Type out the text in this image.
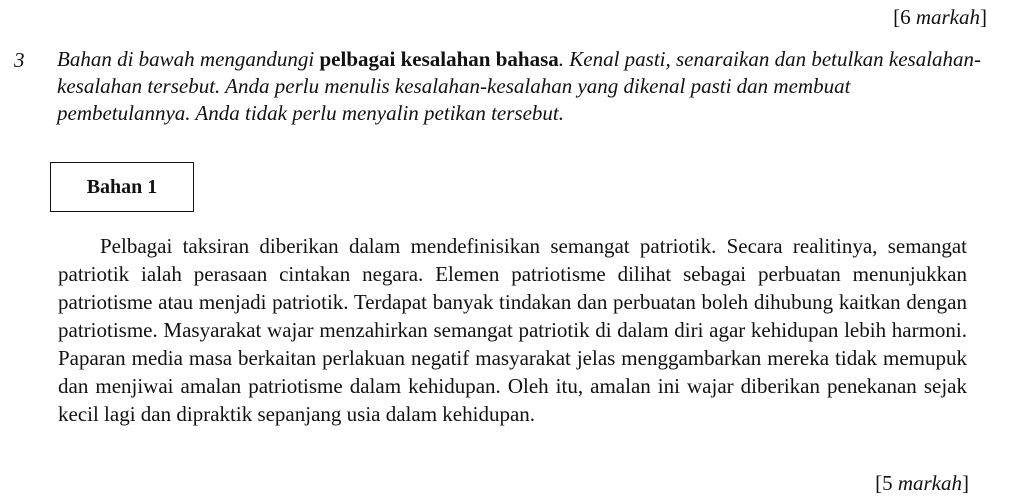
[6 markah]
3 Bahan di bawah mengandungi pelbagai kesalahan bahasa. Kenal pasti, senaraikan dan betulkan kesalahan-kesalahan tersebut. Anda perlu menulis kesalahan-kesalahan yang dikenal pasti dan membuat pembetulannya. Anda tidak perlu menyalin petikan tersebut.
Bahan 1

Pelbagai taksiran diberikan dalam mendefinisikan semangat patriotik. Secara realitinya, semangat patriotik ialah perasaan cintakan negara. Elemen patriotisme dilihat sebagai perbuatan menunjukkan patriotisme atau menjadi patriotik. Terdapat banyak tindakan dan perbuatan boleh dihubung kaitkan dengan patriotisme. Masyarakat wajar menzahirkan semangat patriotik di dalam diri agar kehidupan lebih harmoni. Paparan media masa berkaitan perlakuan negatif masyarakat jelas menggambarkan mereka tidak memupuk dan menjiwai amalan patriotisme dalam kehidupan. Oleh itu, amalan ini wajar diberikan penekanan sejak kecil lagi dan dipraktik sepanjang usia dalam kehidupan.

[5 markah]
